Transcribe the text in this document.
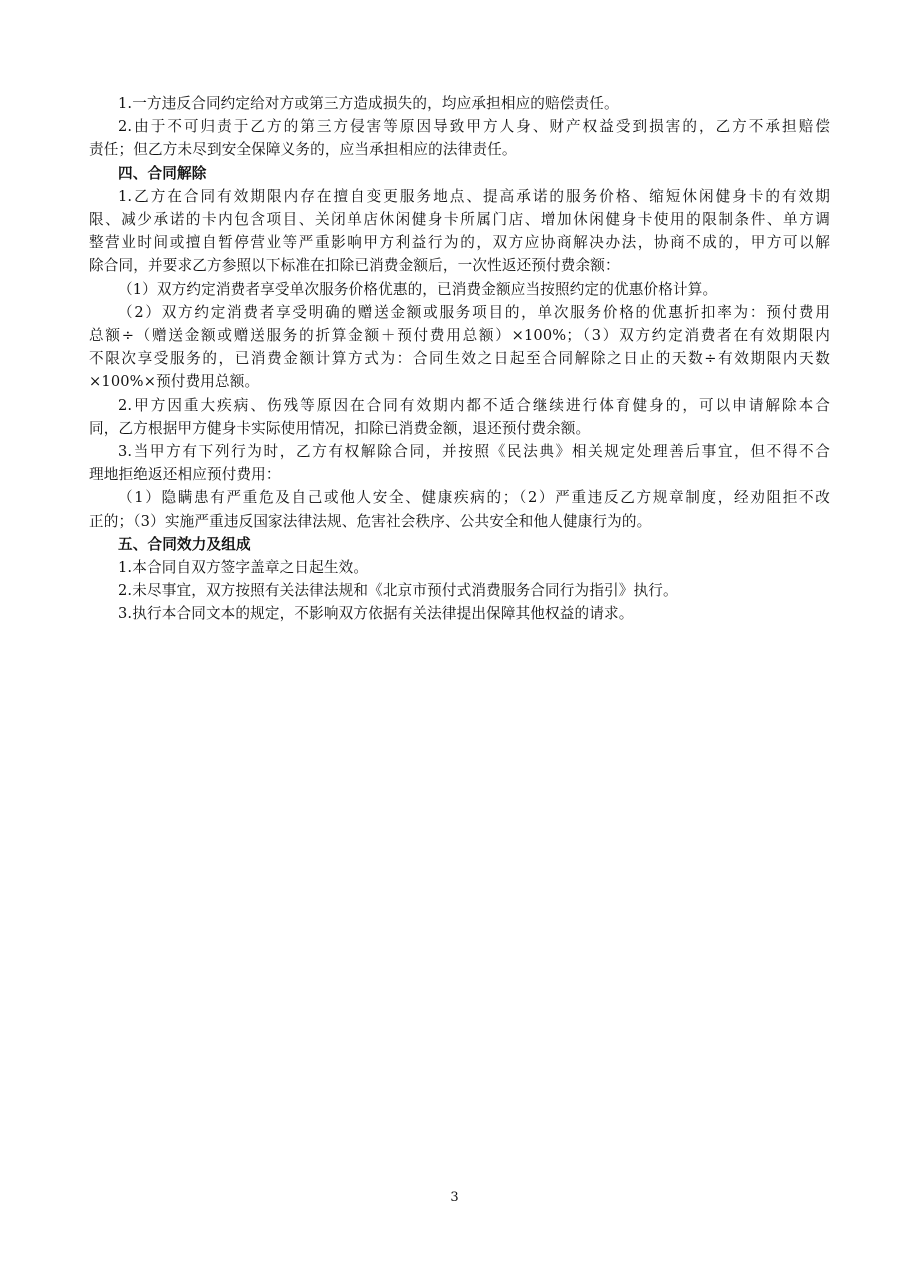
1.一方违反合同约定给对方或第三方造成损失的，均应承担相应的赔偿责任。
2.由于不可归责于乙方的第三方侵害等原因导致甲方人身、财产权益受到损害的，乙方不承担赔偿
责任；但乙方未尽到安全保障义务的，应当承担相应的法律责任。
四、合同解除
1.乙方在合同有效期限内存在擅自变更服务地点、提高承诺的服务价格、缩短休闲健身卡的有效期
限、减少承诺的卡内包含项目、关闭单店休闲健身卡所属门店、增加休闲健身卡使用的限制条件、单方调
整营业时间或擅自暂停营业等严重影响甲方利益行为的，双方应协商解决办法，协商不成的，甲方可以解
除合同，并要求乙方参照以下标准在扣除已消费金额后，一次性返还预付费余额：
（1）双方约定消费者享受单次服务价格优惠的，已消费金额应当按照约定的优惠价格计算。
（2）双方约定消费者享受明确的赠送金额或服务项目的，单次服务价格的优惠折扣率为：预付费用
总额÷（赠送金额或赠送服务的折算金额＋预付费用总额）×100%；（3）双方约定消费者在有效期限内
不限次享受服务的，已消费金额计算方式为：合同生效之日起至合同解除之日止的天数÷有效期限内天数
×100%×预付费用总额。
2.甲方因重大疾病、伤残等原因在合同有效期内都不适合继续进行体育健身的，可以申请解除本合
同，乙方根据甲方健身卡实际使用情况，扣除已消费金额，退还预付费余额。
3.当甲方有下列行为时，乙方有权解除合同，并按照《民法典》相关规定处理善后事宜，但不得不合
理地拒绝返还相应预付费用：
（1）隐瞒患有严重危及自己或他人安全、健康疾病的；（2）严重违反乙方规章制度，经劝阻拒不改
正的；（3）实施严重违反国家法律法规、危害社会秩序、公共安全和他人健康行为的。
五、合同效力及组成
1.本合同自双方签字盖章之日起生效。
2.未尽事宜，双方按照有关法律法规和《北京市预付式消费服务合同行为指引》执行。
3.执行本合同文本的规定，不影响双方依据有关法律提出保障其他权益的请求。
3
